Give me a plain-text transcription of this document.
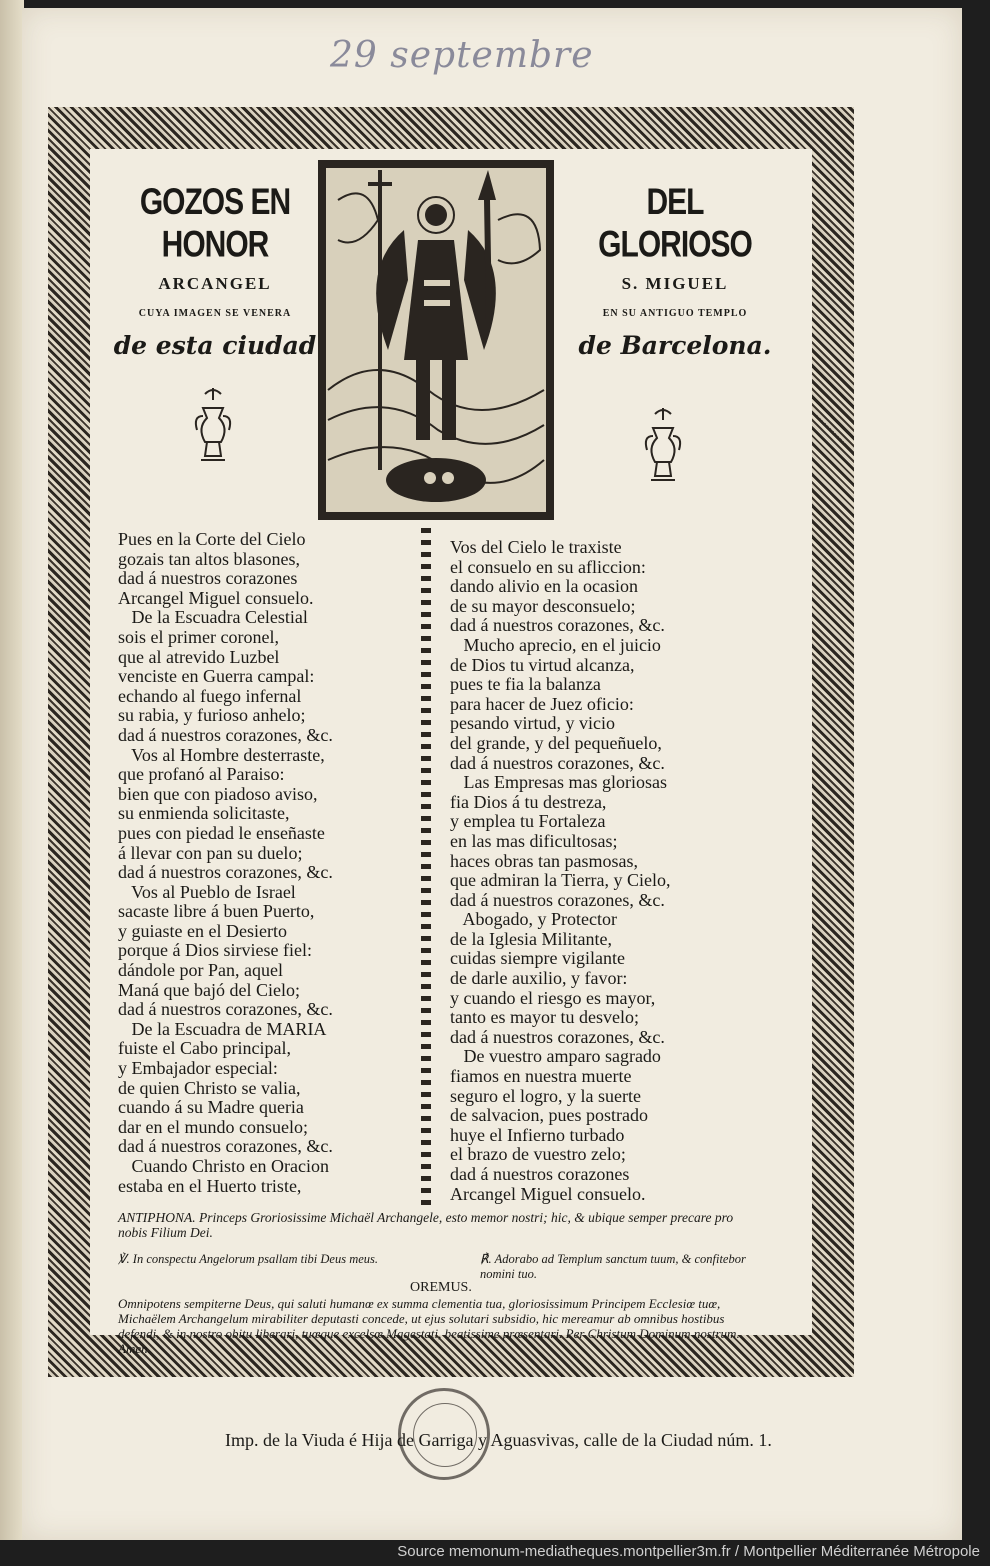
29 septembre
GOZOS EN HONOR
ARCANGEL
CUYA IMAGEN SE VENERA
de esta ciudad
DEL GLORIOSO
S. MIGUEL
EN SU ANTIGUO TEMPLO
de Barcelona.
Pues en la Corte del Cielo
gozais tan altos blasones,
dad á nuestros corazones
Arcangel Miguel consuelo.
De la Escuadra Celestial
sois el primer coronel,
que al atrevido Luzbel
venciste en Guerra campal:
echando al fuego infernal
su rabia, y furioso anhelo;
dad á nuestros corazones, &c.
Vos al Hombre desterraste,
que profanó al Paraiso:
bien que con piadoso aviso,
su enmienda solicitaste,
pues con piedad le enseñaste
á llevar con pan su duelo;
dad á nuestros corazones, &c.
Vos al Pueblo de Israel
sacaste libre á buen Puerto,
y guiaste en el Desierto
porque á Dios sirviese fiel:
dándole por Pan, aquel
Maná que bajó del Cielo;
dad á nuestros corazones, &c.
De la Escuadra de MARIA
fuiste el Cabo principal,
y Embajador especial:
de quien Christo se valia,
cuando á su Madre queria
dar en el mundo consuelo;
dad á nuestros corazones, &c.
Cuando Christo en Oracion
estaba en el Huerto triste,
Vos del Cielo le traxiste
el consuelo en su afliccion:
dando alivio en la ocasion
de su mayor desconsuelo;
dad á nuestros corazones, &c.
Mucho aprecio, en el juicio
de Dios tu virtud alcanza,
pues te fia la balanza
para hacer de Juez oficio:
pesando virtud, y vicio
del grande, y del pequeñuelo,
dad á nuestros corazones, &c.
Las Empresas mas gloriosas
fia Dios á tu destreza,
y emplea tu Fortaleza
en las mas dificultosas;
haces obras tan pasmosas,
que admiran la Tierra, y Cielo,
dad á nuestros corazones, &c.
Abogado, y Protector
de la Iglesia Militante,
cuidas siempre vigilante
de darle auxilio, y favor:
y cuando el riesgo es mayor,
tanto es mayor tu desvelo;
dad á nuestros corazones, &c.
De vuestro amparo sagrado
fiamos en nuestra muerte
seguro el logro, y la suerte
de salvacion, pues postrado
huye el Infierno turbado
el brazo de vuestro zelo;
dad á nuestros corazones
Arcangel Miguel consuelo.
ANTIPHONA. Princeps Groriosissime Michaël Archangele, esto memor nostri; hic, & ubique semper precare pro nobis Filium Dei.
℣. In conspectu Angelorum psallam tibi Deus meus.	℟. Adorabo ad Templum sanctum tuum, & confitebor nomini tuo.
OREMUS.
Omnipotens sempiterne Deus, qui saluti humanœ ex summa clementia tua, gloriosissimum Principem Ecclesiœ tuœ, Michaëlem Archangelum mirabiliter deputasti concede, ut ejus solutari subsidio, hic mereamur ab omnibus hostibus defendi, & in nostro obitu liberari, tuœque excelsœ Magestati, beatissime prœsentari. Per Christum Dominum nostrum. Amen.
Imp. de la Viuda é Hija de Garriga y Aguasvivas, calle de la Ciudad núm. 1.
Source memonum-mediatheques.montpellier3m.fr / Montpellier Méditerranée Métropole
